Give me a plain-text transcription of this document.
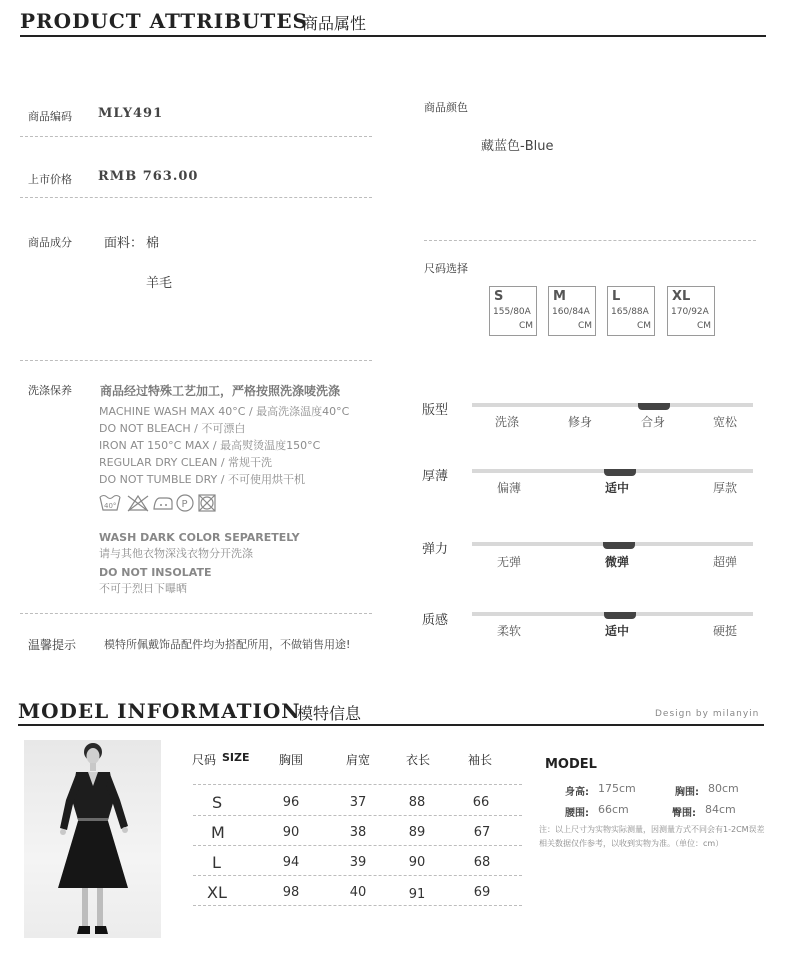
PRODUCT ATTRIBUTES
商品属性
商品编码 MLY491
上市价格 RMB 763.00
商品成分 面料： 棉
羊毛
洗涤保养 商品经过特殊工艺加工，严格按照洗涤唛洗涤
MACHINE WASH MAX 40°C / 最高洗涤温度40°C
DO NOT BLEACH / 不可漂白
IRON AT 150°C MAX / 最高熨烫温度150°C
REGULAR DRY CLEAN / 常规干洗
DO NOT TUMBLE DRY / 不可使用烘干机
40°	P
WASH DARK COLOR SEPARETELY
请与其他衣物深浅衣物分开洗涤
DO NOT INSOLATE
不可于烈日下曝晒
温馨提示	模特所佩戴饰品配件均为搭配所用，不做销售用途!
商品颜色
藏蓝色-Blue
尺码选择
S
155/80A
CM
M
160/84A
CM
L
165/88A
CM
XL
170/92A
CM
版型
洗涤	修身	合身	宽松
厚薄
偏薄	适中	厚款
弹力
无弹	微弹	超弹
质感
柔软	适中	硬挺
MODEL INFORMATION
模特信息	Design by milanyin
尺码 SIZE 胸围	肩宽	衣长	袖长
S	96	37	88	66
M	90	38	89	67
L	94	39	90	68
XL	98	40	91	69
MODEL
身高: 175cm	胸围: 80cm
腰围: 66cm	臀围: 84cm
注：以上尺寸为实物实际测量，因测量方式不同会有1-2CM误差
相关数据仅作参考，以收到实物为准。（单位：cm）
